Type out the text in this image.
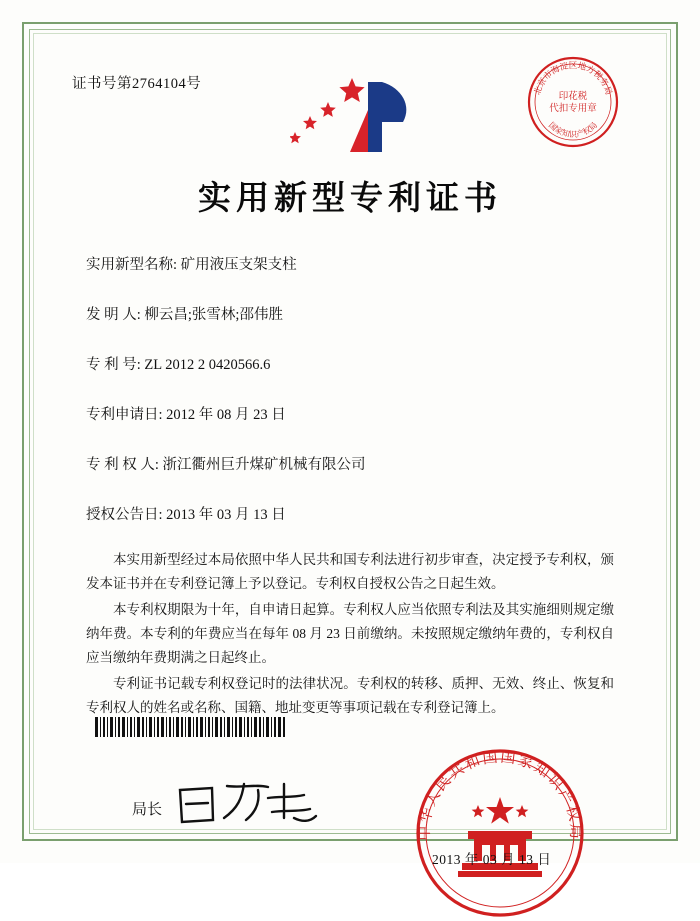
证书号第2764104号	北京市海淀区地方税务局
国家知识产权局
印花税
代扣专用章
实用新型专利证书
实用新型名称: 矿用液压支架支柱
发 明 人: 柳云昌;张雪林;邵伟胜
专 利 号: ZL 2012 2 0420566.6
专利申请日: 2012 年 08 月 23 日
专 利 权 人: 浙江衢州巨升煤矿机械有限公司
授权公告日: 2013 年 03 月 13 日

本实用新型经过本局依照中华人民共和国专利法进行初步审查，决定授予专利权，颁发本证书并在专利登记簿上予以登记。专利权自授权公告之日起生效。

本专利权期限为十年，自申请日起算。专利权人应当依照专利法及其实施细则规定缴纳年费。本专利的年费应当在每年 08 月 23 日前缴纳。未按照规定缴纳年费的，专利权自应当缴纳年费期满之日起终止。

专利证书记载专利权登记时的法律状况。专利权的转移、质押、无效、终止、恢复和专利权人的姓名或名称、国籍、地址变更等事项记载在专利登记簿上。

局长
中华人民共和国国家知识产权局
2013 年 03 月 13 日
